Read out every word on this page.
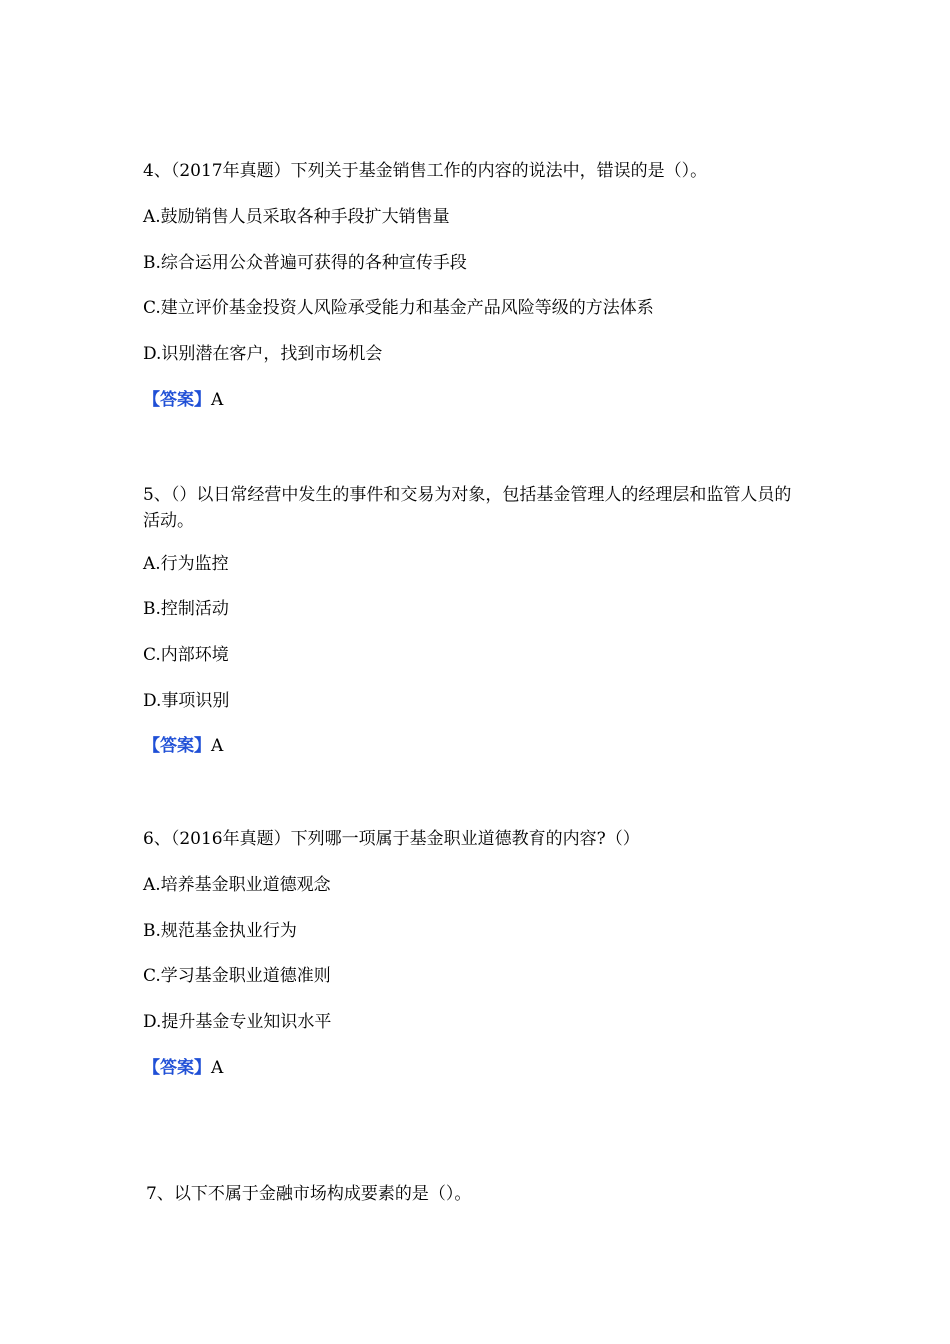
4、（2017年真题）下列关于基金销售工作的内容的说法中，错误的是（）。
A.鼓励销售人员采取各种手段扩大销售量
B.综合运用公众普遍可获得的各种宣传手段
C.建立评价基金投资人风险承受能力和基金产品风险等级的方法体系
D.识别潜在客户，找到市场机会
【答案】A
5、（）以日常经营中发生的事件和交易为对象，包括基金管理人的经理层和监管人员的活动。
A.行为监控
B.控制活动
C.内部环境
D.事项识别
【答案】A
6、（2016年真题）下列哪一项属于基金职业道德教育的内容?（）
A.培养基金职业道德观念
B.规范基金执业行为
C.学习基金职业道德准则
D.提升基金专业知识水平
【答案】A
7、以下不属于金融市场构成要素的是（）。
